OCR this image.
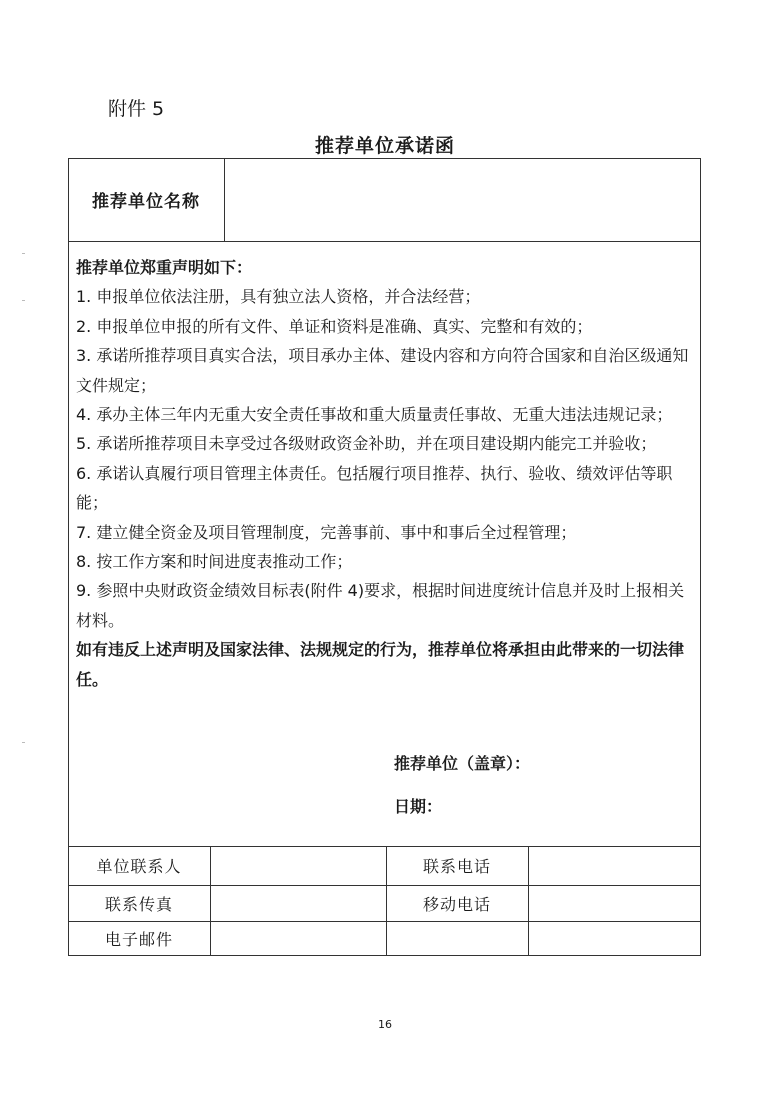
附件 5
推荐单位承诺函
推荐单位名称

推荐单位郑重声明如下：

1. 申报单位依法注册，具有独立法人资格，并合法经营；

2. 申报单位申报的所有文件、单证和资料是准确、真实、完整和有效的；

3. 承诺所推荐项目真实合法，项目承办主体、建设内容和方向符合国家和自治区级通知文件规定；

4. 承办主体三年内无重大安全责任事故和重大质量责任事故、无重大违法违规记录；

5. 承诺所推荐项目未享受过各级财政资金补助，并在项目建设期内能完工并验收；

6. 承诺认真履行项目管理主体责任。包括履行项目推荐、执行、验收、绩效评估等职能；

7. 建立健全资金及项目管理制度，完善事前、事中和事后全过程管理；

8. 按工作方案和时间进度表推动工作；

9. 参照中央财政资金绩效目标表(附件 4)要求，根据时间进度统计信息并及时上报相关材料。

如有违反上述声明及国家法律、法规规定的行为，推荐单位将承担由此带来的一切法律任。

推荐单位（盖章）：
日期：
单位联系人	联系电话
联系传真	移动电话
电子邮件
16
